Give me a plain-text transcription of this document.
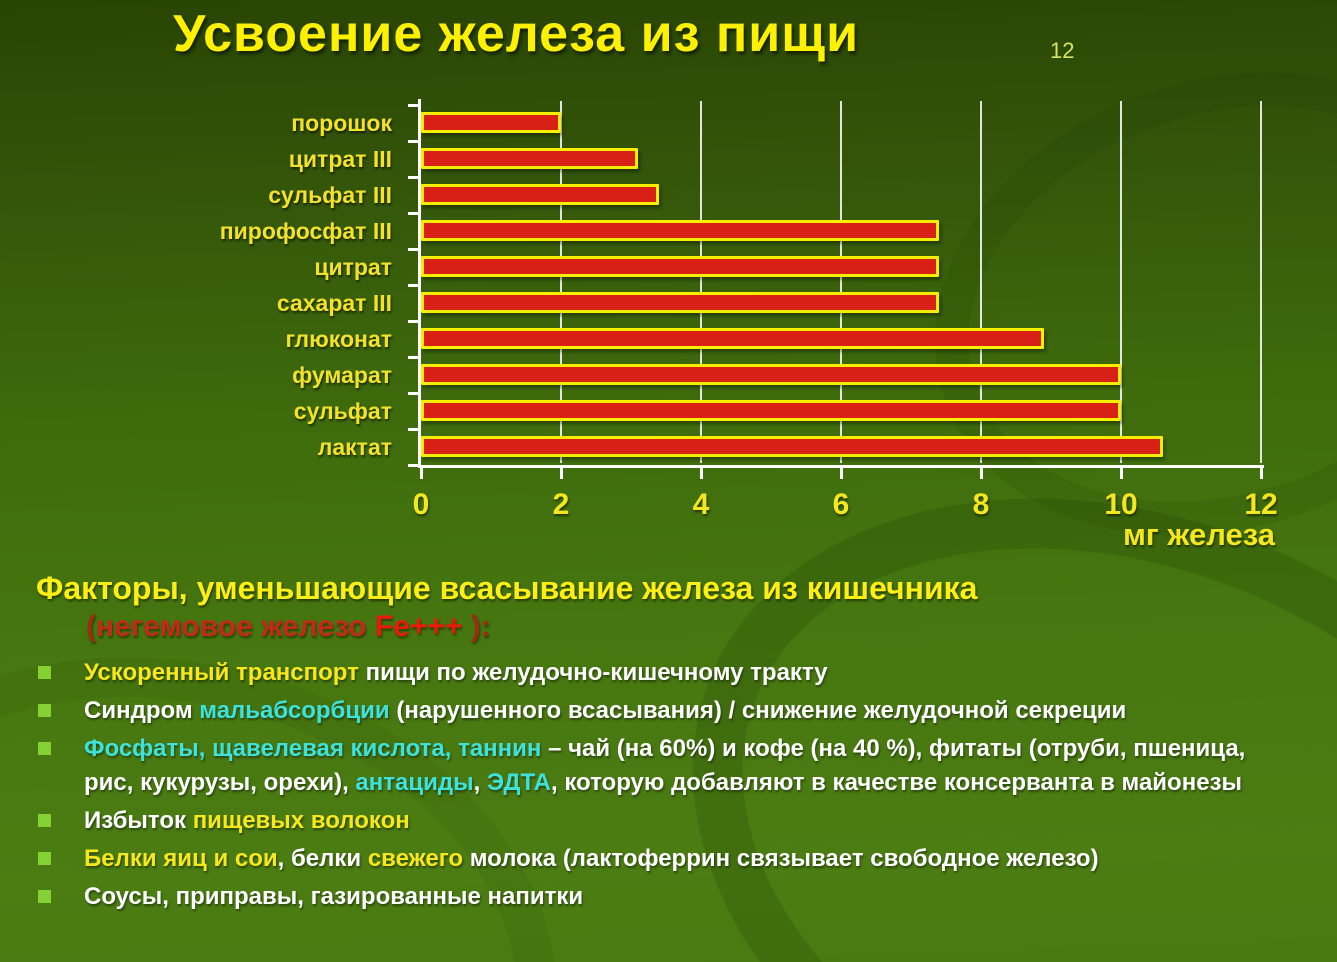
Усвоение железа из пищи	12
порошок
цитрат III
сульфат III
пирофосфат III
цитрат
сахарат III
глюконат
фумарат
сульфат
лактат
мг железа
0	2	4	6	8	10	12
Факторы, уменьшающие всасывание железа из кишечника
(негемовое железо Fe+++ ):
Ускоренный транспорт пищи по желудочно-кишечному тракту
Синдром мальабсорбции (нарушенного всасывания) / снижение желудочной секреции
Фосфаты, щавелевая кислота, таннин – чай (на 60%) и кофе (на 40 %), фитаты (отруби, пшеница, рис, кукурузы, орехи), антациды, ЭДТА, которую добавляют в качестве консерванта в майонезы
Избыток пищевых волокон
Белки яиц и сои, белки свежего молока (лактоферрин связывает свободное железо)
Соусы, приправы, газированные напитки
